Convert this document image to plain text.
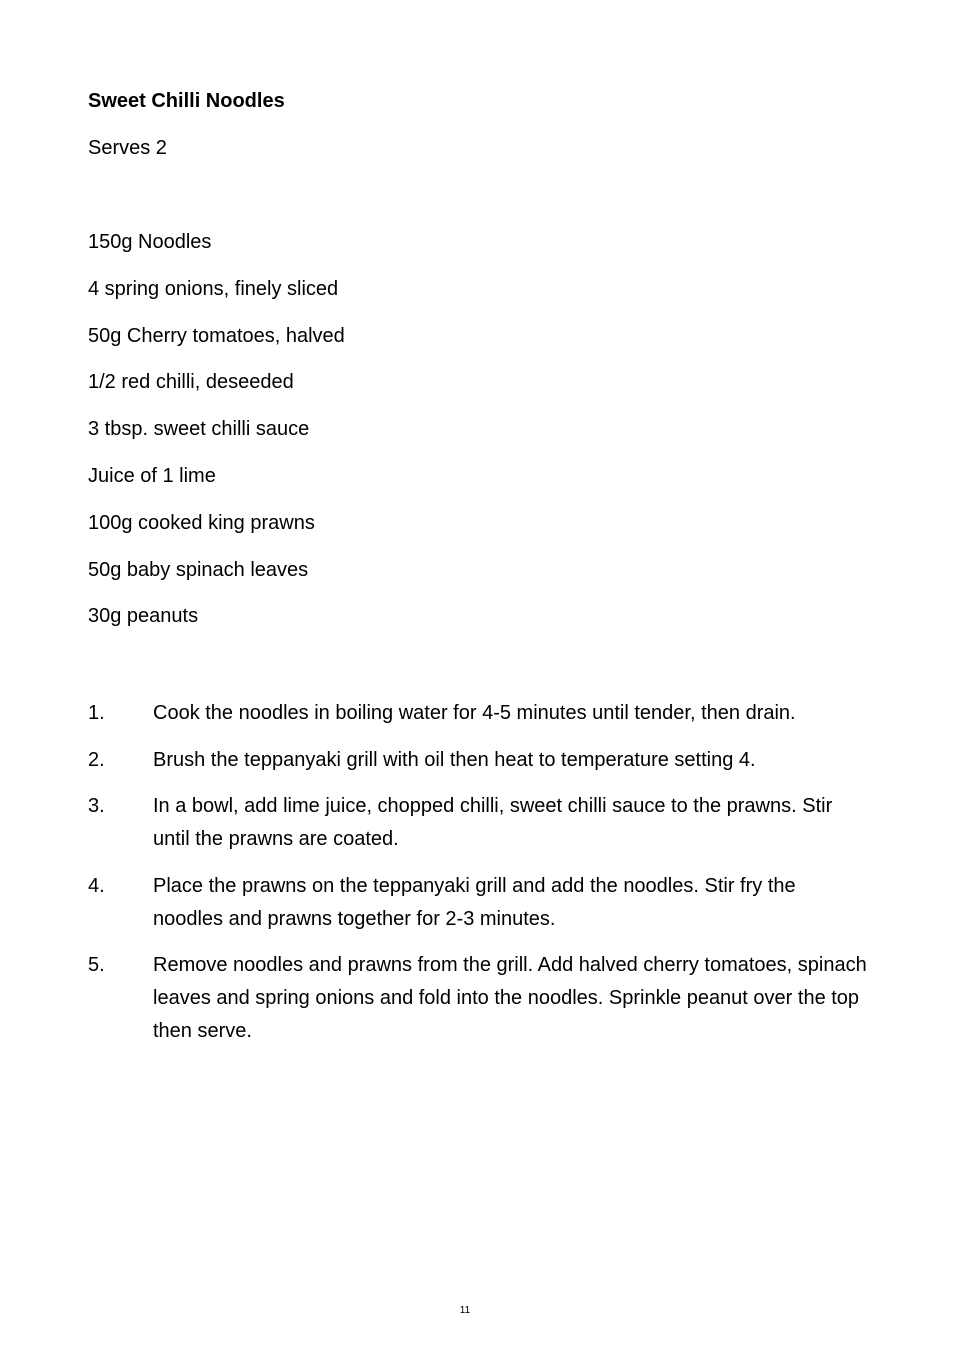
Sweet Chilli Noodles

Serves 2

150g Noodles
4 spring onions, finely sliced
50g Cherry tomatoes, halved
1/2 red chilli, deseeded
3 tbsp. sweet chilli sauce
Juice of 1 lime
100g cooked king prawns
50g baby spinach leaves
30g peanuts
1.	Cook the noodles in boiling water for 4-5 minutes until tender, then drain.
2.	Brush the teppanyaki grill with oil then heat to temperature setting 4.
3.	In a bowl, add lime juice, chopped chilli, sweet chilli sauce to the prawns. Stir until the prawns are coated.
4.	Place the prawns on the teppanyaki grill and add the noodles. Stir fry the noodles and prawns together for 2-3 minutes.
5.	Remove noodles and prawns from the grill. Add halved cherry tomatoes, spinach leaves and spring onions and fold into the noodles. Sprinkle peanut over the top then serve.
11
